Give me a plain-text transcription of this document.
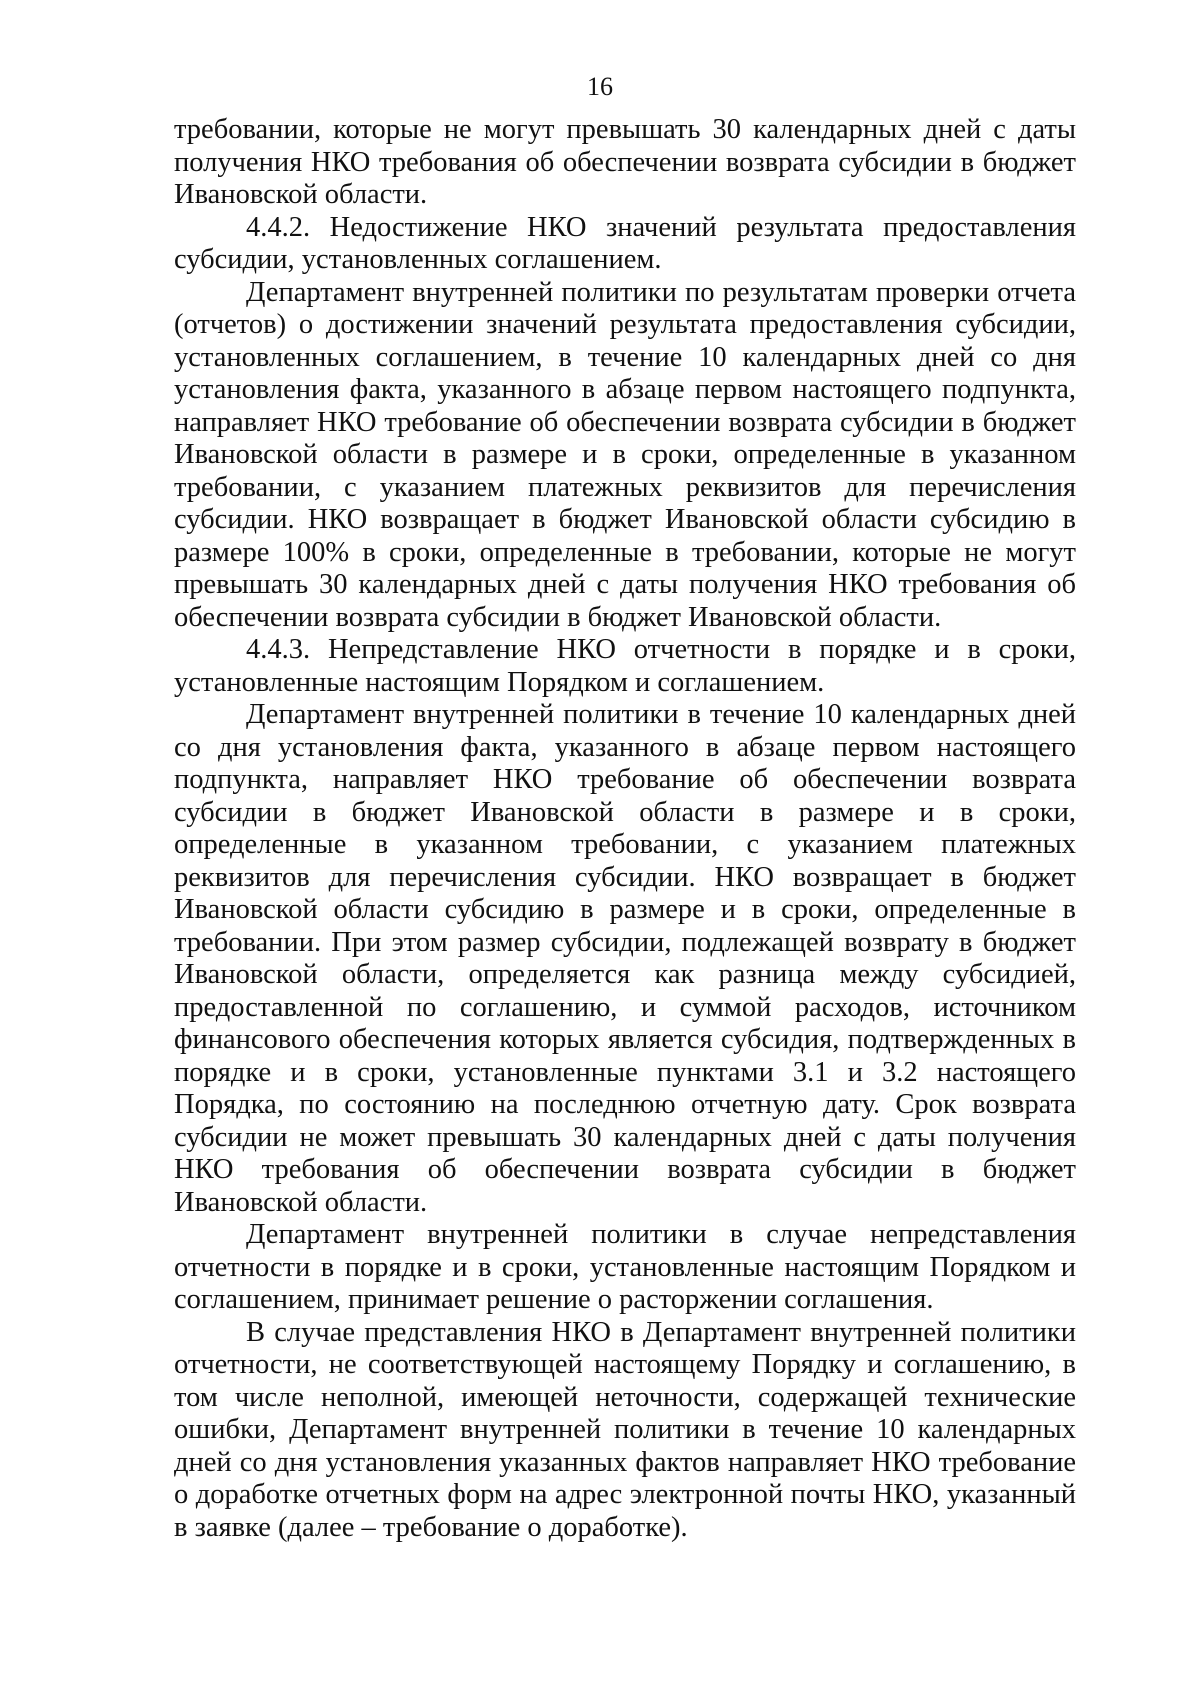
16

требовании, которые не могут превышать 30 календарных дней с даты получения НКО требования об обеспечении возврата субсидии в бюджет Ивановской области.

4.4.2. Недостижение НКО значений результата предоставления субсидии, установленных соглашением.

Департамент внутренней политики по результатам проверки отчета (отчетов) о достижении значений результата предоставления субсидии, установленных соглашением, в течение 10 календарных дней со дня установления факта, указанного в абзаце первом настоящего подпункта, направляет НКО требование об обеспечении возврата субсидии в бюджет Ивановской области в размере и в сроки, определенные в указанном требовании, с указанием платежных реквизитов для перечисления субсидии. НКО возвращает в бюджет Ивановской области субсидию в размере 100% в сроки, определенные в требовании, которые не могут превышать 30 календарных дней с даты получения НКО требования об обеспечении возврата субсидии в бюджет Ивановской области.

4.4.3. Непредставление НКО отчетности в порядке и в сроки, установленные настоящим Порядком и соглашением.

Департамент внутренней политики в течение 10 календарных дней со дня установления факта, указанного в абзаце первом настоящего подпункта, направляет НКО требование об обеспечении возврата субсидии в бюджет Ивановской области в размере и в сроки, определенные в указанном требовании, с указанием платежных реквизитов для перечисления субсидии. НКО возвращает в бюджет Ивановской области субсидию в размере и в сроки, определенные в требовании. При этом размер субсидии, подлежащей возврату в бюджет Ивановской области, определяется как разница между субсидией, предоставленной по соглашению, и суммой расходов, источником финансового обеспечения которых является субсидия, подтвержденных в порядке и в сроки, установленные пунктами 3.1 и 3.2 настоящего Порядка, по состоянию на последнюю отчетную дату. Срок возврата субсидии не может превышать 30 календарных дней с даты получения НКО требования об обеспечении возврата субсидии в бюджет Ивановской области.

Департамент внутренней политики в случае непредставления отчетности в порядке и в сроки, установленные настоящим Порядком и соглашением, принимает решение о расторжении соглашения.

В случае представления НКО в Департамент внутренней политики отчетности, не соответствующей настоящему Порядку и соглашению, в том числе неполной, имеющей неточности, содержащей технические ошибки, Департамент внутренней политики в течение 10 календарных дней со дня установления указанных фактов направляет НКО требование о доработке отчетных форм на адрес электронной почты НКО, указанный в заявке (далее – требование о доработке).
